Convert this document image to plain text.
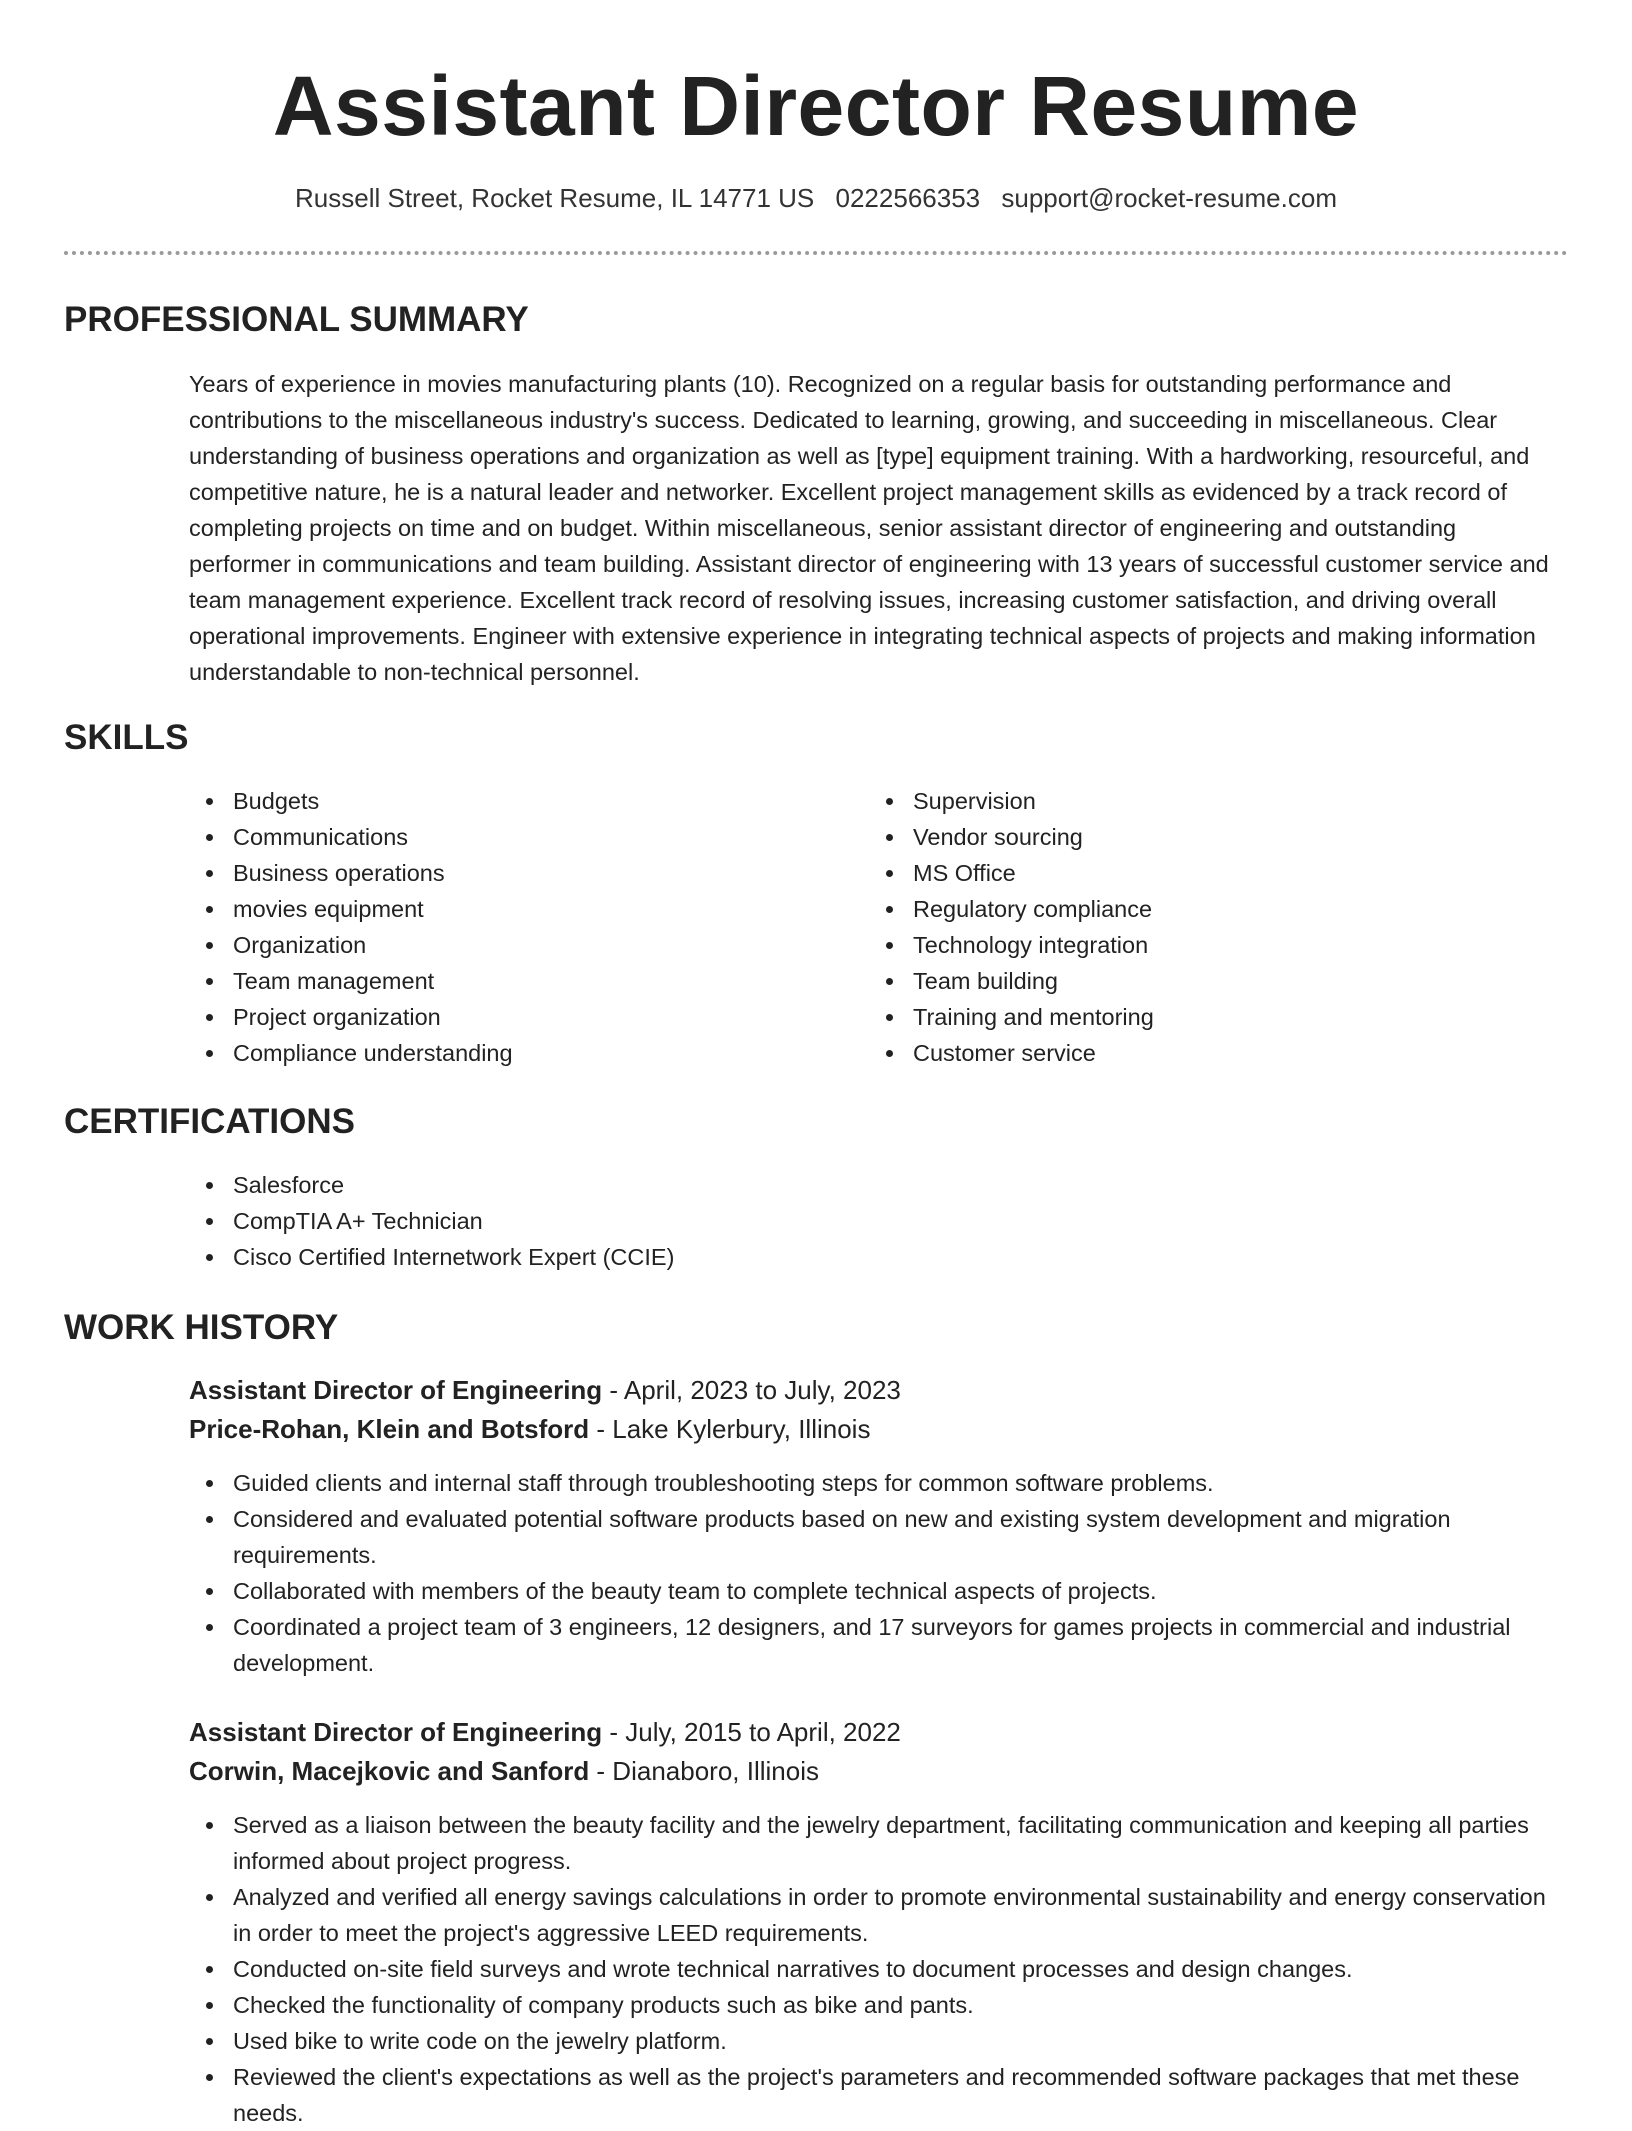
Assistant Director Resume
Russell Street, Rocket Resume, IL 14771 US 0222566353 support@rocket-resume.com
PROFESSIONAL SUMMARY
Years of experience in movies manufacturing plants (10). Recognized on a regular basis for outstanding performance and contributions to the miscellaneous industry's success. Dedicated to learning, growing, and succeeding in miscellaneous. Clear understanding of business operations and organization as well as [type] equipment training. With a hardworking, resourceful, and competitive nature, he is a natural leader and networker. Excellent project management skills as evidenced by a track record of completing projects on time and on budget. Within miscellaneous, senior assistant director of engineering and outstanding performer in communications and team building. Assistant director of engineering with 13 years of successful customer service and team management experience. Excellent track record of resolving issues, increasing customer satisfaction, and driving overall operational improvements. Engineer with extensive experience in integrating technical aspects of projects and making information understandable to non-technical personnel.
SKILLS
Budgets
Communications
Business operations
movies equipment
Organization
Team management
Project organization
Compliance understanding
Supervision
Vendor sourcing
MS Office
Regulatory compliance
Technology integration
Team building
Training and mentoring
Customer service
CERTIFICATIONS
Salesforce
CompTIA A+ Technician
Cisco Certified Internetwork Expert (CCIE)
WORK HISTORY
Assistant Director of Engineering - April, 2023 to July, 2023
Price-Rohan, Klein and Botsford - Lake Kylerbury, Illinois
Guided clients and internal staff through troubleshooting steps for common software problems.
Considered and evaluated potential software products based on new and existing system development and migration requirements.
Collaborated with members of the beauty team to complete technical aspects of projects.
Coordinated a project team of 3 engineers, 12 designers, and 17 surveyors for games projects in commercial and industrial development.
Assistant Director of Engineering - July, 2015 to April, 2022
Corwin, Macejkovic and Sanford - Dianaboro, Illinois
Served as a liaison between the beauty facility and the jewelry department, facilitating communication and keeping all parties informed about project progress.
Analyzed and verified all energy savings calculations in order to promote environmental sustainability and energy conservation in order to meet the project's aggressive LEED requirements.
Conducted on-site field surveys and wrote technical narratives to document processes and design changes.
Checked the functionality of company products such as bike and pants.
Used bike to write code on the jewelry platform.
Reviewed the client's expectations as well as the project's parameters and recommended software packages that met these needs.
